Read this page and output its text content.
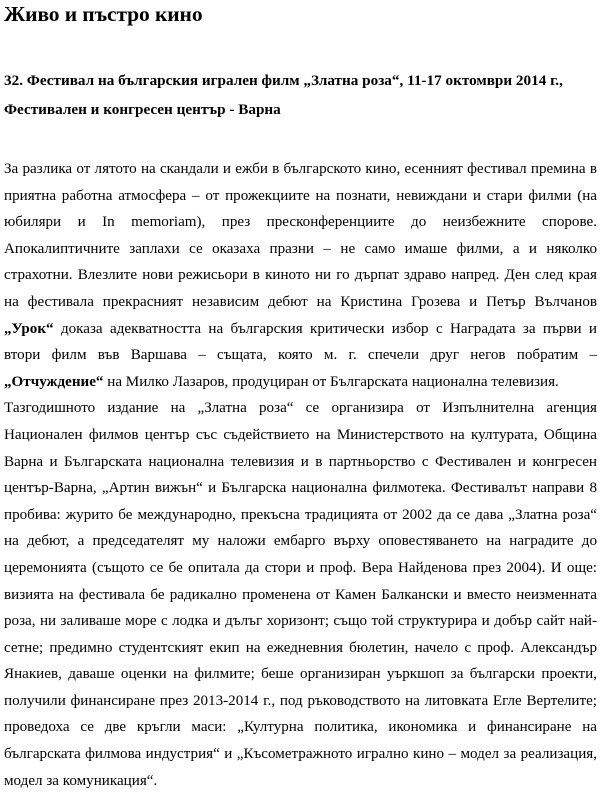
Живо и пъстро кино

32. Фестивал на българския игрален филм „Златна роза“, 11-17 октомври 2014 г.,
Фестивален и конгресен център - Варна

За разлика от лятото на скандали и ежби в българското кино, есенният фестивал премина в приятна работна атмосфера – от прожекциите на познати, невиждани и стари филми (на юбиляри и In memoriam), през пресконференциите до неизбежните спорове. Апокалиптичните заплахи се оказаха празни – не само имаше филми, а и няколко страхотни. Влезлите нови режисьори в киното ни го дърпат здраво напред. Ден след края на фестивала прекрасният независим дебют на Кристина Грозева и Петър Вълчанов „Урок“ доказа адекватността на българския критически избор с Наградата за първи и втори филм във Варшава – същата, която м. г. спечели друг негов побратим – „Отчуждение“ на Милко Лазаров, продуциран от Българската национална телевизия.

Тазгодишното издание на „Златна роза“ се организира от Изпълнителна агенция Национален филмов център със съдействието на Министерството на културата, Община Варна и Българската национална телевизия и в партньорство с Фестивален и конгресен център-Варна, „Артин вижън“ и Българска национална филмотека. Фестивалът направи 8 пробива: журито бе международно, прекъсна традицията от 2002 да се дава „Златна роза“ на дебют, а председателят му наложи ембарго върху оповестяването на наградите до церемонията (същото се бе опитала да стори и проф. Вера Найденова през 2004). И още: визията на фестивала бе радикално променена от Камен Балкански и вместо неизменната роза, ни заливаше море с лодка и дълъг хоризонт; също той структурира и добър сайт най-сетне; предимно студентският екип на ежедневния бюлетин, начело с проф. Александър Янакиев, даваше оценки на филмите; беше организиран уъркшоп за български проекти, получили финансиране през 2013-2014 г., под ръководството на литовката Егле Вертелите; проведоха се две кръгли маси: „Културна политика, икономика и финансиране на българската филмова индустрия“ и „Късометражното игрално кино – модел за реализация, модел за комуникация“.
